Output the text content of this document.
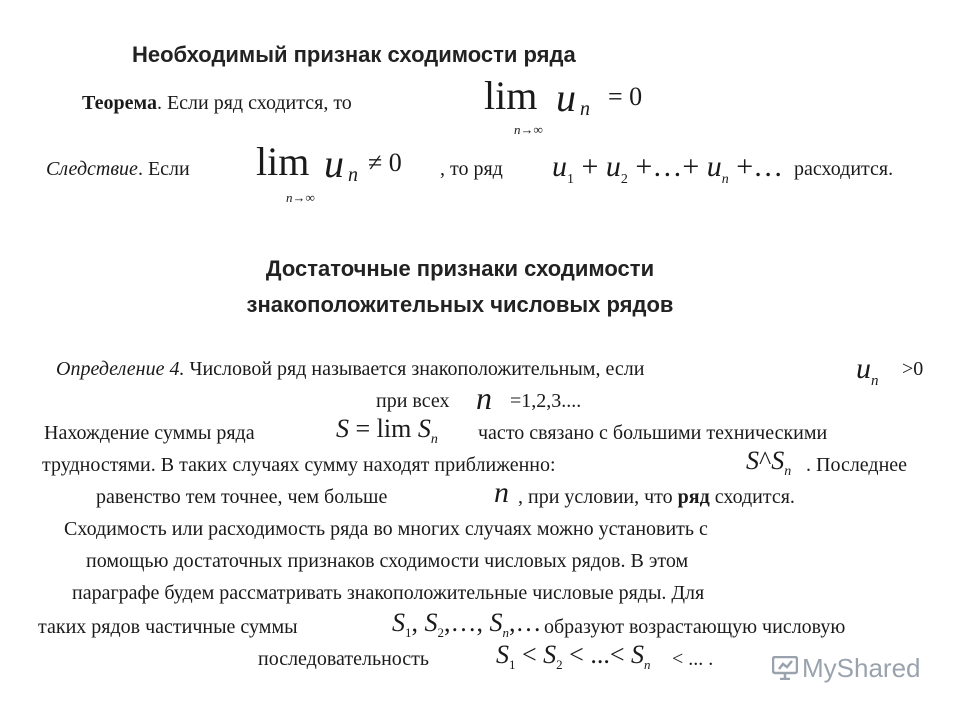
Необходимый признак сходимости ряда
Теорема. Если ряд сходится, то	lim u n = 0
n→∞
Следствие. Если lim u n ≠ 0
n→∞
, то ряд $u_1 + u_2$ +…+ $u_n$ +… расходится.
Достаточные признаки сходимости
знакоположительных числовых рядов
Определение 4. Числовой ряд называется знакоположительным, если	$u_n$
>0
при всех n =1,2,3....
Нахождение суммы ряда	$S = \lim S_n$ часто связано с большими техническими
трудностями. В таких случаях сумму находят приближенно:	$S\^{}S_n$ . Последнее
равенство тем точнее, чем больше	n , при условии, что ряд сходится.
Сходимость или расходимость ряда во многих случаях можно установить с
помощью достаточных признаков сходимости числовых рядов. В этом
параграфе будем рассматривать знакоположительные числовые ряды. Для
таких рядов частичные суммы	$S_1$, $S_2,\dots$, $S_n,\dots$ образуют возрастающую числовую
последовательность	$S_1 < S_2$ < ...< $S_n$ < ... .	MyShared
